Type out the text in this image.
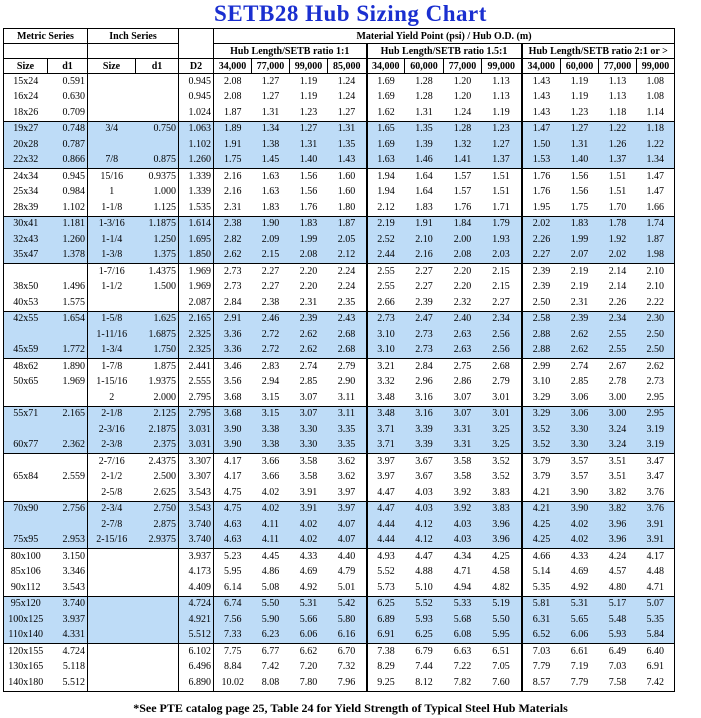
SETB28 Hub Sizing Chart
Metric Series		Inch Series			Material Yield Point (psi) / Hub O.D. (m)											
					Hub Length/SETB ratio 1:1				Hub Length/SETB ratio 1.5:1				Hub Length/SETB ratio 2:1 or >			
Size	d1	Size	d1	D2	34,000	77,000	99,000	85,000	34,000	60,000	77,000	99,000	34,000	60,000	77,000	99,000
15x24	0.591			0.945	2.08	1.27	1.19	1.24	1.69	1.28	1.20	1.13	1.43	1.19	1.13	1.08
16x24	0.630			0.945	2.08	1.27	1.19	1.24	1.69	1.28	1.20	1.13	1.43	1.19	1.13	1.08
18x26	0.709			1.024	1.87	1.31	1.23	1.27	1.62	1.31	1.24	1.19	1.43	1.23	1.18	1.14
19x27	0.748	3/4	0.750	1.063	1.89	1.34	1.27	1.31	1.65	1.35	1.28	1.23	1.47	1.27	1.22	1.18
20x28	0.787			1.102	1.91	1.38	1.31	1.35	1.69	1.39	1.32	1.27	1.50	1.31	1.26	1.22
22x32	0.866	7/8	0.875	1.260	1.75	1.45	1.40	1.43	1.63	1.46	1.41	1.37	1.53	1.40	1.37	1.34
24x34	0.945	15/16	0.9375	1.339	2.16	1.63	1.56	1.60	1.94	1.64	1.57	1.51	1.76	1.56	1.51	1.47
25x34	0.984	1	1.000	1.339	2.16	1.63	1.56	1.60	1.94	1.64	1.57	1.51	1.76	1.56	1.51	1.47
28x39	1.102	1-1/8	1.125	1.535	2.31	1.83	1.76	1.80	2.12	1.83	1.76	1.71	1.95	1.75	1.70	1.66
30x41	1.181	1-3/16	1.1875	1.614	2.38	1.90	1.83	1.87	2.19	1.91	1.84	1.79	2.02	1.83	1.78	1.74
32x43	1.260	1-1/4	1.250	1.695	2.82	2.09	1.99	2.05	2.52	2.10	2.00	1.93	2.26	1.99	1.92	1.87
35x47	1.378	1-3/8	1.375	1.850	2.62	2.15	2.08	2.12	2.44	2.16	2.08	2.03	2.27	2.07	2.02	1.98
		1-7/16	1.4375	1.969	2.73	2.27	2.20	2.24	2.55	2.27	2.20	2.15	2.39	2.19	2.14	2.10
38x50	1.496	1-1/2	1.500	1.969	2.73	2.27	2.20	2.24	2.55	2.27	2.20	2.15	2.39	2.19	2.14	2.10
40x53	1.575			2.087	2.84	2.38	2.31	2.35	2.66	2.39	2.32	2.27	2.50	2.31	2.26	2.22
42x55	1.654	1-5/8	1.625	2.165	2.91	2.46	2.39	2.43	2.73	2.47	2.40	2.34	2.58	2.39	2.34	2.30
		1-11/16	1.6875	2.325	3.36	2.72	2.62	2.68	3.10	2.73	2.63	2.56	2.88	2.62	2.55	2.50
45x59	1.772	1-3/4	1.750	2.325	3.36	2.72	2.62	2.68	3.10	2.73	2.63	2.56	2.88	2.62	2.55	2.50
48x62	1.890	1-7/8	1.875	2.441	3.46	2.83	2.74	2.79	3.21	2.84	2.75	2.68	2.99	2.74	2.67	2.62
50x65	1.969	1-15/16	1.9375	2.555	3.56	2.94	2.85	2.90	3.32	2.96	2.86	2.79	3.10	2.85	2.78	2.73
		2	2.000	2.795	3.68	3.15	3.07	3.11	3.48	3.16	3.07	3.01	3.29	3.06	3.00	2.95
55x71	2.165	2-1/8	2.125	2.795	3.68	3.15	3.07	3.11	3.48	3.16	3.07	3.01	3.29	3.06	3.00	2.95
		2-3/16	2.1875	3.031	3.90	3.38	3.30	3.35	3.71	3.39	3.31	3.25	3.52	3.30	3.24	3.19
60x77	2.362	2-3/8	2.375	3.031	3.90	3.38	3.30	3.35	3.71	3.39	3.31	3.25	3.52	3.30	3.24	3.19
		2-7/16	2.4375	3.307	4.17	3.66	3.58	3.62	3.97	3.67	3.58	3.52	3.79	3.57	3.51	3.47
65x84	2.559	2-1/2	2.500	3.307	4.17	3.66	3.58	3.62	3.97	3.67	3.58	3.52	3.79	3.57	3.51	3.47
		2-5/8	2.625	3.543	4.75	4.02	3.91	3.97	4.47	4.03	3.92	3.83	4.21	3.90	3.82	3.76
70x90	2.756	2-3/4	2.750	3.543	4.75	4.02	3.91	3.97	4.47	4.03	3.92	3.83	4.21	3.90	3.82	3.76
		2-7/8	2.875	3.740	4.63	4.11	4.02	4.07	4.44	4.12	4.03	3.96	4.25	4.02	3.96	3.91
75x95	2.953	2-15/16	2.9375	3.740	4.63	4.11	4.02	4.07	4.44	4.12	4.03	3.96	4.25	4.02	3.96	3.91
80x100	3.150			3.937	5.23	4.45	4.33	4.40	4.93	4.47	4.34	4.25	4.66	4.33	4.24	4.17
85x106	3.346			4.173	5.95	4.86	4.69	4.79	5.52	4.88	4.71	4.58	5.14	4.69	4.57	4.48
90x112	3.543			4.409	6.14	5.08	4.92	5.01	5.73	5.10	4.94	4.82	5.35	4.92	4.80	4.71
95x120	3.740			4.724	6.74	5.50	5.31	5.42	6.25	5.52	5.33	5.19	5.81	5.31	5.17	5.07
100x125	3.937			4.921	7.56	5.90	5.66	5.80	6.89	5.93	5.68	5.50	6.31	5.65	5.48	5.35
110x140	4.331			5.512	7.33	6.23	6.06	6.16	6.91	6.25	6.08	5.95	6.52	6.06	5.93	5.84
120x155	4.724			6.102	7.75	6.77	6.62	6.70	7.38	6.79	6.63	6.51	7.03	6.61	6.49	6.40
130x165	5.118			6.496	8.84	7.42	7.20	7.32	8.29	7.44	7.22	7.05	7.79	7.19	7.03	6.91
140x180	5.512			6.890	10.02	8.08	7.80	7.96	9.25	8.12	7.82	7.60	8.57	7.79	7.58	7.42
*See PTE catalog page 25, Table 24 for Yield Strength of Typical Steel Hub Materials
